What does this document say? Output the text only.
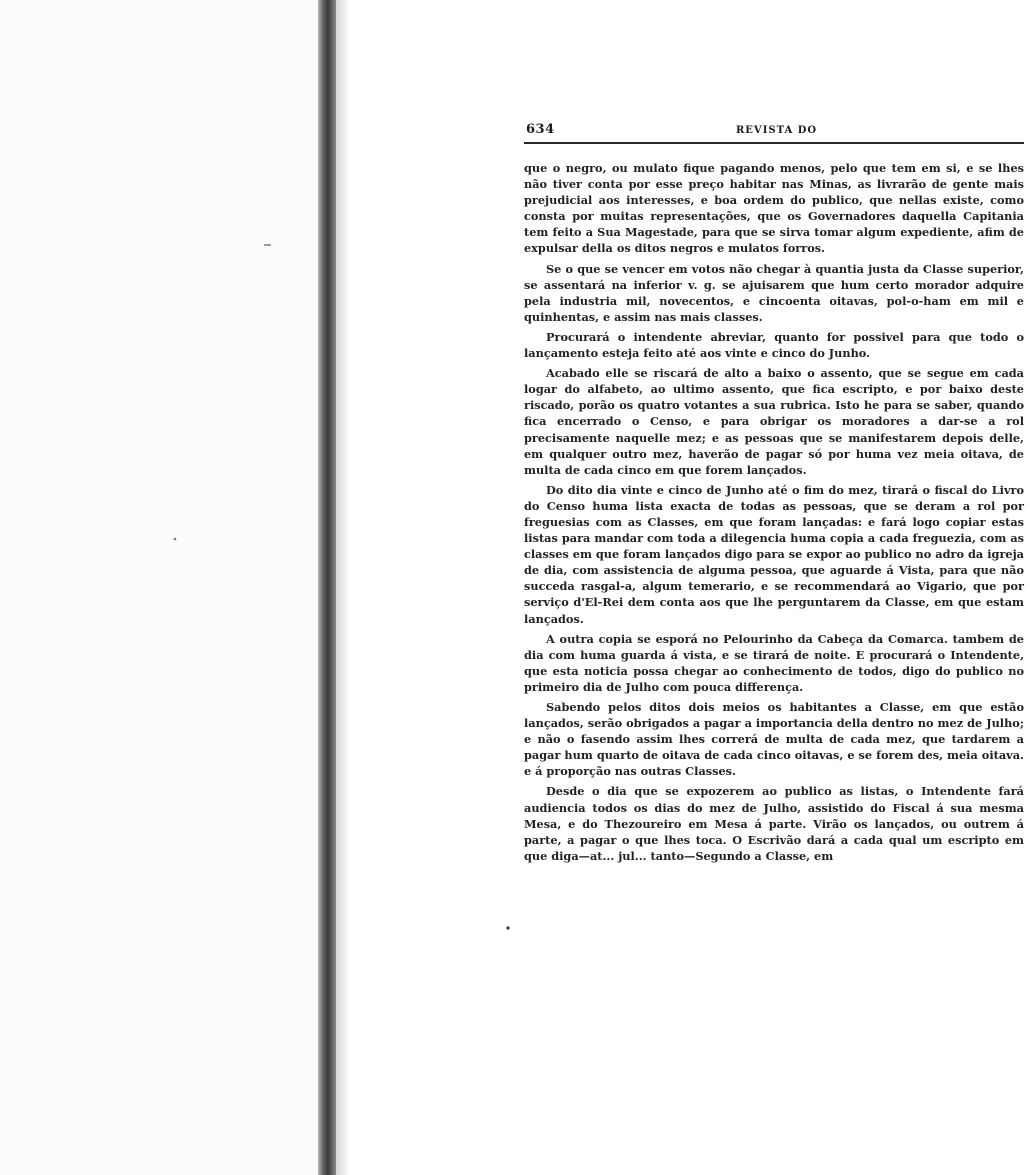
634	REVISTA DO

que o negro, ou mulato fique pagando menos, pelo que tem em si, e se lhes não tiver conta por esse preço habitar nas Minas, as livrarão de gente mais prejudicial aos interesses, e boa ordem do publico, que nellas existe, como consta por muitas representações, que os Governadores daquella Capitania tem feito a Sua Magestade, para que se sirva tomar algum expediente, afim de expulsar della os ditos negros e mulatos forros.

Se o que se vencer em votos não chegar à quantia justa da Classe superior, se assentará na inferior v. g. se ajuisarem que hum certo morador adquire pela industria mil, novecentos, e cincoenta oitavas, pol-o-ham em mil e quinhentas, e assim nas mais classes.

Procurará o intendente abreviar, quanto for possivel para que todo o lançamento esteja feito até aos vinte e cinco do Junho.

Acabado elle se riscará de alto a baixo o assento, que se segue em cada logar do alfabeto, ao ultimo assento, que fica escripto, e por baixo deste riscado, porão os quatro votantes a sua rubrica. Isto he para se saber, quando fica encerrado o Censo, e para obrigar os moradores a dar-se a rol precisamente naquelle mez; e as pessoas que se manifestarem depois delle, em qualquer outro mez, haverão de pagar só por huma vez meia oitava, de multa de cada cinco em que forem lançados.

Do dito dia vinte e cinco de Junho até o fim do mez, tirará o fiscal do Livro do Censo huma lista exacta de todas as pessoas, que se deram a rol por freguesias com as Classes, em que foram lançadas: e fará logo copiar estas listas para mandar com toda a dilegencia huma copia a cada freguezia, com as classes em que foram lançados digo para se expor ao publico no adro da igreja de dia, com assistencia de alguma pessoa, que aguarde á Vista, para que não succeda rasgal-a, algum temerario, e se recommendará ao Vigario, que por serviço d'El-Rei dem conta aos que lhe perguntarem da Classe, em que estam lançados.

A outra copia se esporá no Pelourinho da Cabeça da Comarca. tambem de dia com huma guarda á vista, e se tirará de noite. E procurará o Intendente, que esta noticia possa chegar ao conhecimento de todos, digo do publico no primeiro dia de Julho com pouca differença.

Sabendo pelos ditos dois meios os habitantes a Classe, em que estão lançados, serão obrigados a pagar a importancia della dentro no mez de Julho; e não o fasendo assim lhes correrá de multa de cada mez, que tardarem a pagar hum quarto de oitava de cada cinco oitavas, e se forem des, meia oitava. e á proporção nas outras Classes.

Desde o dia que se expozerem ao publico as listas, o Intendente fará audiencia todos os dias do mez de Julho, assistido do Fiscal á sua mesma Mesa, e do Thezoureiro em Mesa á parte. Virão os lançados, ou outrem á parte, a pagar o que lhes toca. O Escrivão dará a cada qual um escripto em que diga—at... jul... tanto—Segundo a Classe, em
